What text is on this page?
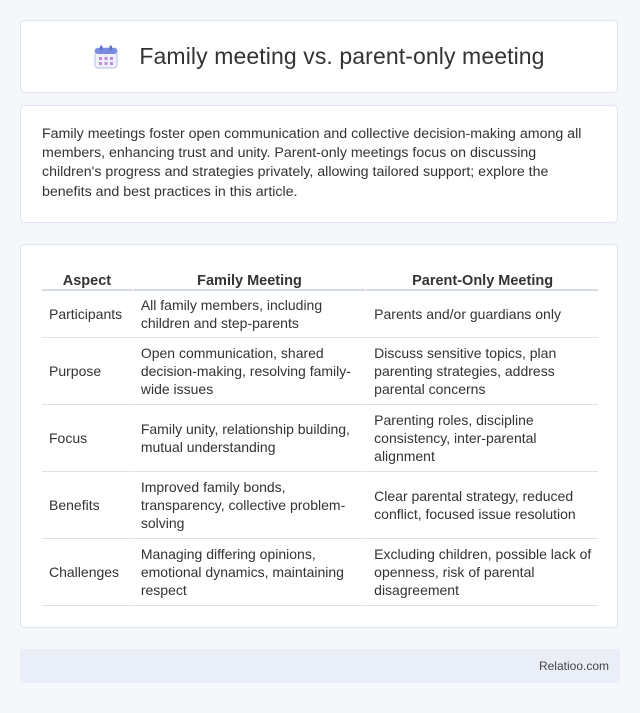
Family meeting vs. parent-only meeting

Family meetings foster open communication and collective decision-making among all members, enhancing trust and unity. Parent-only meetings focus on discussing children's progress and strategies privately, allowing tailored support; explore the benefits and best practices in this article.

Aspect	Family Meeting	Parent-Only Meeting
Participants	All family members, including children and step-parents	Parents and/or guardians only
Purpose	Open communication, shared decision-making, resolving family-wide issues	Discuss sensitive topics, plan parenting strategies, address parental concerns
Focus	Family unity, relationship building, mutual understanding	Parenting roles, discipline consistency, inter-parental alignment
Benefits	Improved family bonds, transparency, collective problem-solving	Clear parental strategy, reduced conflict, focused issue resolution
Challenges	Managing differing opinions, emotional dynamics, maintaining respect	Excluding children, possible lack of openness, risk of parental disagreement
Relatioo.com
